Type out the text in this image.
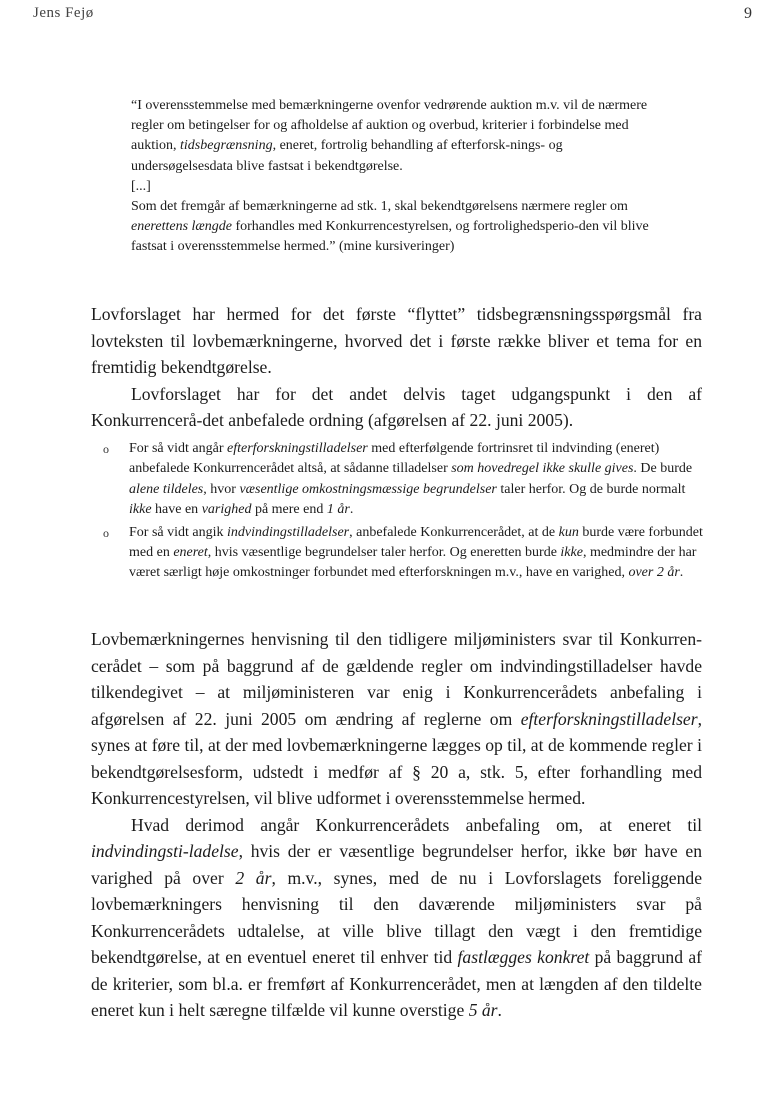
Jens Fejø	9

“I overensstemmelse med bemærkningerne ovenfor vedrørende auktion m.v. vil de nærmere regler om betingelser for og afholdelse af auktion og overbud, kriterier i forbindelse med auktion, tidsbegrænsning, eneret, fortrolig behandling af efterforsk-nings- og undersøgelsesdata blive fastsat i bekendtgørelse.

[...]

Som det fremgår af bemærkningerne ad stk. 1, skal bekendtgørelsens nærmere regler om enerettens længde forhandles med Konkurrencestyrelsen, og fortrolighedsperio-den vil blive fastsat i overensstemmelse hermed.” (mine kursiveringer)

Lovforslaget har hermed for det første “flyttet” tidsbegrænsningsspørgsmål fra lovteksten til lovbemærkningerne, hvorved det i første række bliver et tema for en fremtidig bekendtgørelse.

Lovforslaget har for det andet delvis taget udgangspunkt i den af Konkurrencerå-det anbefalede ordning (afgørelsen af 22. juni 2005).

o For så vidt angår efterforskningstilladelser med efterfølgende fortrinsret til indvinding (eneret) anbefalede Konkurrencerådet altså, at sådanne tilladelser som hovedregel ikke skulle gives. De burde alene tildeles, hvor væsentlige omkostningsmæssige begrundelser taler herfor. Og de burde normalt ikke have en varighed på mere end 1 år.
o For så vidt angik indvindingstilladelser, anbefalede Konkurrencerådet, at de kun burde være forbundet med en eneret, hvis væsentlige begrundelser taler herfor. Og eneretten burde ikke, medmindre der har været særligt høje omkostninger forbundet med efterforskningen m.v., have en varighed, over 2 år.

Lovbemærkningernes henvisning til den tidligere miljøministers svar til Konkurren-cerådet – som på baggrund af de gældende regler om indvindingstilladelser havde tilkendegivet – at miljøministeren var enig i Konkurrencerådets anbefaling i afgørelsen af 22. juni 2005 om ændring af reglerne om efterforskningstilladelser, synes at føre til, at der med lovbemærkningerne lægges op til, at de kommende regler i bekendtgørelsesform, udstedt i medfør af § 20 a, stk. 5, efter forhandling med Konkurrencestyrelsen, vil blive udformet i overensstemmelse hermed.

Hvad derimod angår Konkurrencerådets anbefaling om, at eneret til indvindingsti-ladelse, hvis der er væsentlige begrundelser herfor, ikke bør have en varighed på over 2 år, m.v., synes, med de nu i Lovforslagets foreliggende lovbemærkningers henvisning til den daværende miljøministers svar på Konkurrencerådets udtalelse, at ville blive tillagt den vægt i den fremtidige bekendtgørelse, at en eventuel eneret til enhver tid fastlægges konkret på baggrund af de kriterier, som bl.a. er fremført af Konkurrencerådet, men at længden af den tildelte eneret kun i helt særegne tilfælde vil kunne overstige 5 år.
